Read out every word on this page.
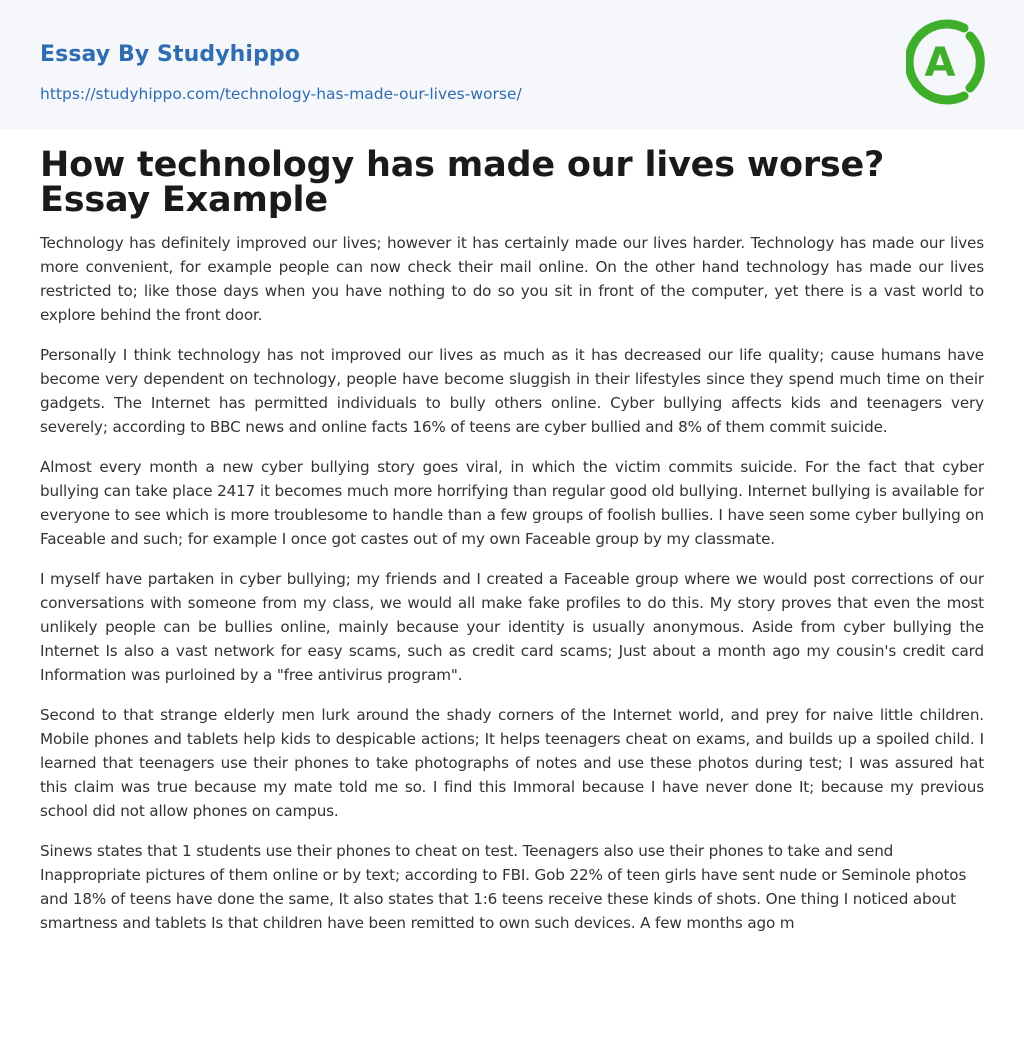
Essay By Studyhippo
https://studyhippo.com/technology-has-made-our-lives-worse/
A
How technology has made our lives worse? Essay Example

Technology has definitely improved our lives; however it has certainly made our lives harder. Technology has made our lives more convenient, for example people can now check their mail online. On the other hand technology has made our lives restricted to; like those days when you have nothing to do so you sit in front of the computer, yet there is a vast world to explore behind the front door.

Personally I think technology has not improved our lives as much as it has decreased our life quality; cause humans have become very dependent on technology, people have become sluggish in their lifestyles since they spend much time on their gadgets. The Internet has permitted individuals to bully others online. Cyber bullying affects kids and teenagers very severely; according to BBC news and online facts 16% of teens are cyber bullied and 8% of them commit suicide.

Almost every month a new cyber bullying story goes viral, in which the victim commits suicide. For the fact that cyber bullying can take place 2417 it becomes much more horrifying than regular good old bullying. Internet bullying is available for everyone to see which is more troublesome to handle than a few groups of foolish bullies. I have seen some cyber bullying on Faceable and such; for example I once got castes out of my own Faceable group by my classmate.

I myself have partaken in cyber bullying; my friends and I created a Faceable group where we would post corrections of our conversations with someone from my class, we would all make fake profiles to do this. My story proves that even the most unlikely people can be bullies online, mainly because your identity is usually anonymous. Aside from cyber bullying the Internet Is also a vast network for easy scams, such as credit card scams; Just about a month ago my cousin's credit card Information was purloined by a "free antivirus program".

Second to that strange elderly men lurk around the shady corners of the Internet world, and prey for naive little children. Mobile phones and tablets help kids to despicable actions; It helps teenagers cheat on exams, and builds up a spoiled child. I learned that teenagers use their phones to take photographs of notes and use these photos during test; I was assured hat this claim was true because my mate told me so. I find this Immoral because I have never done It; because my previous school did not allow phones on campus.

Sinews states that 1 students use their phones to cheat on test. Teenagers also use their phones to take and send Inappropriate pictures of them online or by text; according to FBI. Gob 22% of teen girls have sent nude or Seminole photos and 18% of teens have done the same, It also states that 1:6 teens receive these kinds of shots. One thing I noticed about smartness and tablets Is that children have been remitted to own such devices. A few months ago m
